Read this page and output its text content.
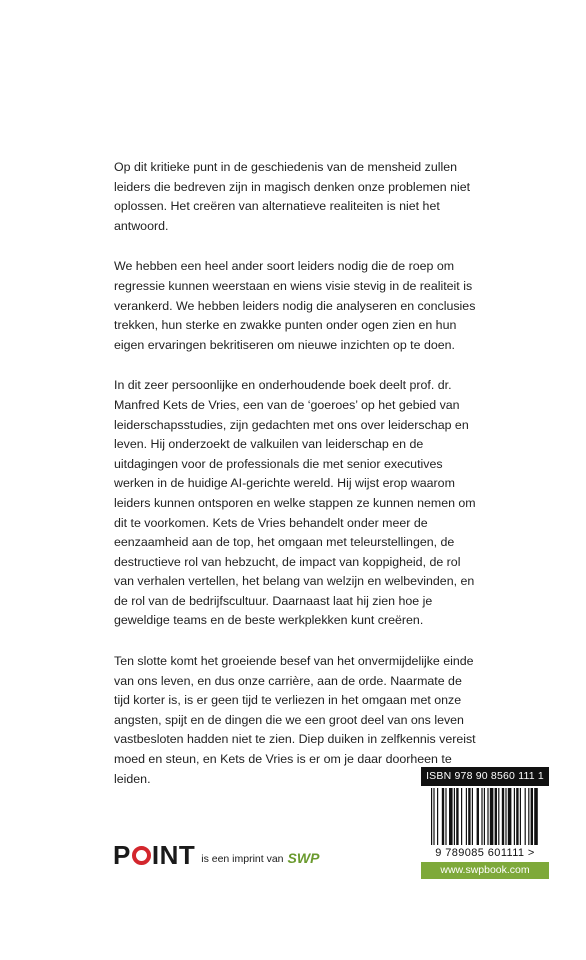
Op dit kritieke punt in de geschiedenis van de mensheid zullen leiders die bedreven zijn in magisch denken onze problemen niet oplossen. Het creëren van alternatieve realiteiten is niet het antwoord.

We hebben een heel ander soort leiders nodig die de roep om regressie kunnen weerstaan en wiens visie stevig in de realiteit is verankerd. We hebben leiders nodig die analyseren en conclusies trekken, hun sterke en zwakke punten onder ogen zien en hun eigen ervaringen bekritiseren om nieuwe inzichten op te doen.

In dit zeer persoonlijke en onderhoudende boek deelt prof. dr. Manfred Kets de Vries, een van de ‘goeroes’ op het gebied van leiderschapsstudies, zijn gedachten met ons over leiderschap en leven. Hij onderzoekt de valkuilen van leiderschap en de uitdagingen voor de professionals die met senior executives werken in de huidige AI-gerichte wereld. Hij wijst erop waarom leiders kunnen ontsporen en welke stappen ze kunnen nemen om dit te voorkomen. Kets de Vries behandelt onder meer de eenzaamheid aan de top, het omgaan met teleurstellingen, de destructieve rol van hebzucht, de impact van koppigheid, de rol van verhalen vertellen, het belang van welzijn en welbevinden, en de rol van de bedrijfscultuur. Daarnaast laat hij zien hoe je geweldige teams en de beste werkplekken kunt creëren.

Ten slotte komt het groeiende besef van het onvermijdelijke einde van ons leven, en dus onze carrière, aan de orde. Naarmate de tijd korter is, is er geen tijd te verliezen in het omgaan met onze angsten, spijt en de dingen die we een groot deel van ons leven vastbesloten hadden niet te zien. Diep duiken in zelfkennis vereist moed en steun, en Kets de Vries is er om je daar doorheen te leiden.

P INT is een imprint van SWP
ISBN 978 90 8560 111 1
9 789085 601111 >
www.swpbook.com
